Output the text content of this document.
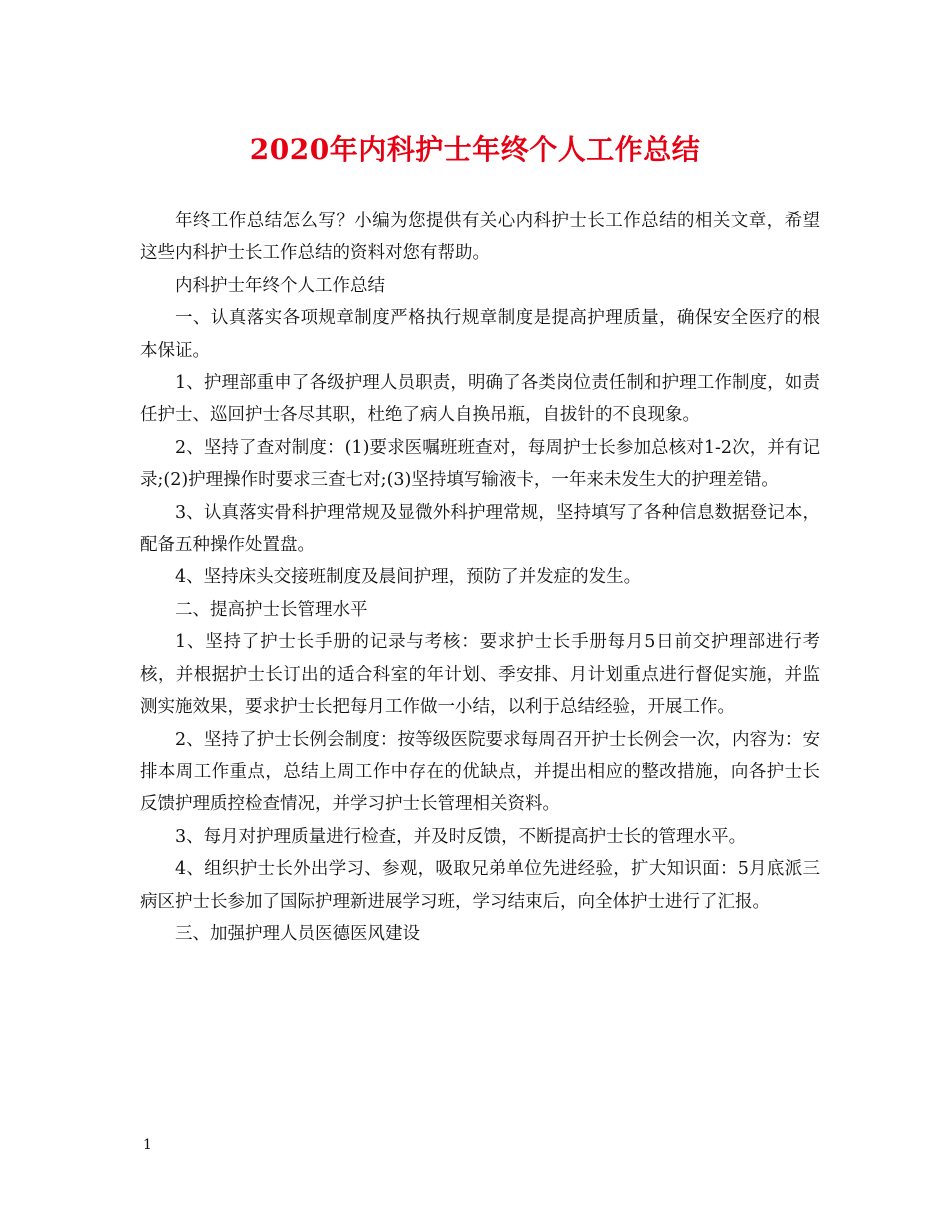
2020年内科护士年终个人工作总结

年终工作总结怎么写？小编为您提供有关心内科护士长工作总结的相关文章，希望这些内科护士长工作总结的资料对您有帮助。

内科护士年终个人工作总结

一、认真落实各项规章制度严格执行规章制度是提高护理质量，确保安全医疗的根本保证。

1、护理部重申了各级护理人员职责，明确了各类岗位责任制和护理工作制度，如责任护士、巡回护士各尽其职，杜绝了病人自换吊瓶，自拔针的不良现象。

2、坚持了查对制度：(1)要求医嘱班班查对，每周护士长参加总核对1-2次，并有记录;(2)护理操作时要求三查七对;(3)坚持填写输液卡，一年来未发生大的护理差错。

3、认真落实骨科护理常规及显微外科护理常规，坚持填写了各种信息数据登记本，配备五种操作处置盘。

4、坚持床头交接班制度及晨间护理，预防了并发症的发生。

二、提高护士长管理水平

1、坚持了护士长手册的记录与考核：要求护士长手册每月5日前交护理部进行考核，并根据护士长订出的适合科室的年计划、季安排、月计划重点进行督促实施，并监测实施效果，要求护士长把每月工作做一小结，以利于总结经验，开展工作。

2、坚持了护士长例会制度：按等级医院要求每周召开护士长例会一次，内容为：安排本周工作重点，总结上周工作中存在的优缺点，并提出相应的整改措施，向各护士长反馈护理质控检查情况，并学习护士长管理相关资料。

3、每月对护理质量进行检查，并及时反馈，不断提高护士长的管理水平。

4、组织护士长外出学习、参观，吸取兄弟单位先进经验，扩大知识面：5月底派三病区护士长参加了国际护理新进展学习班，学习结束后，向全体护士进行了汇报。

三、加强护理人员医德医风建设

1
